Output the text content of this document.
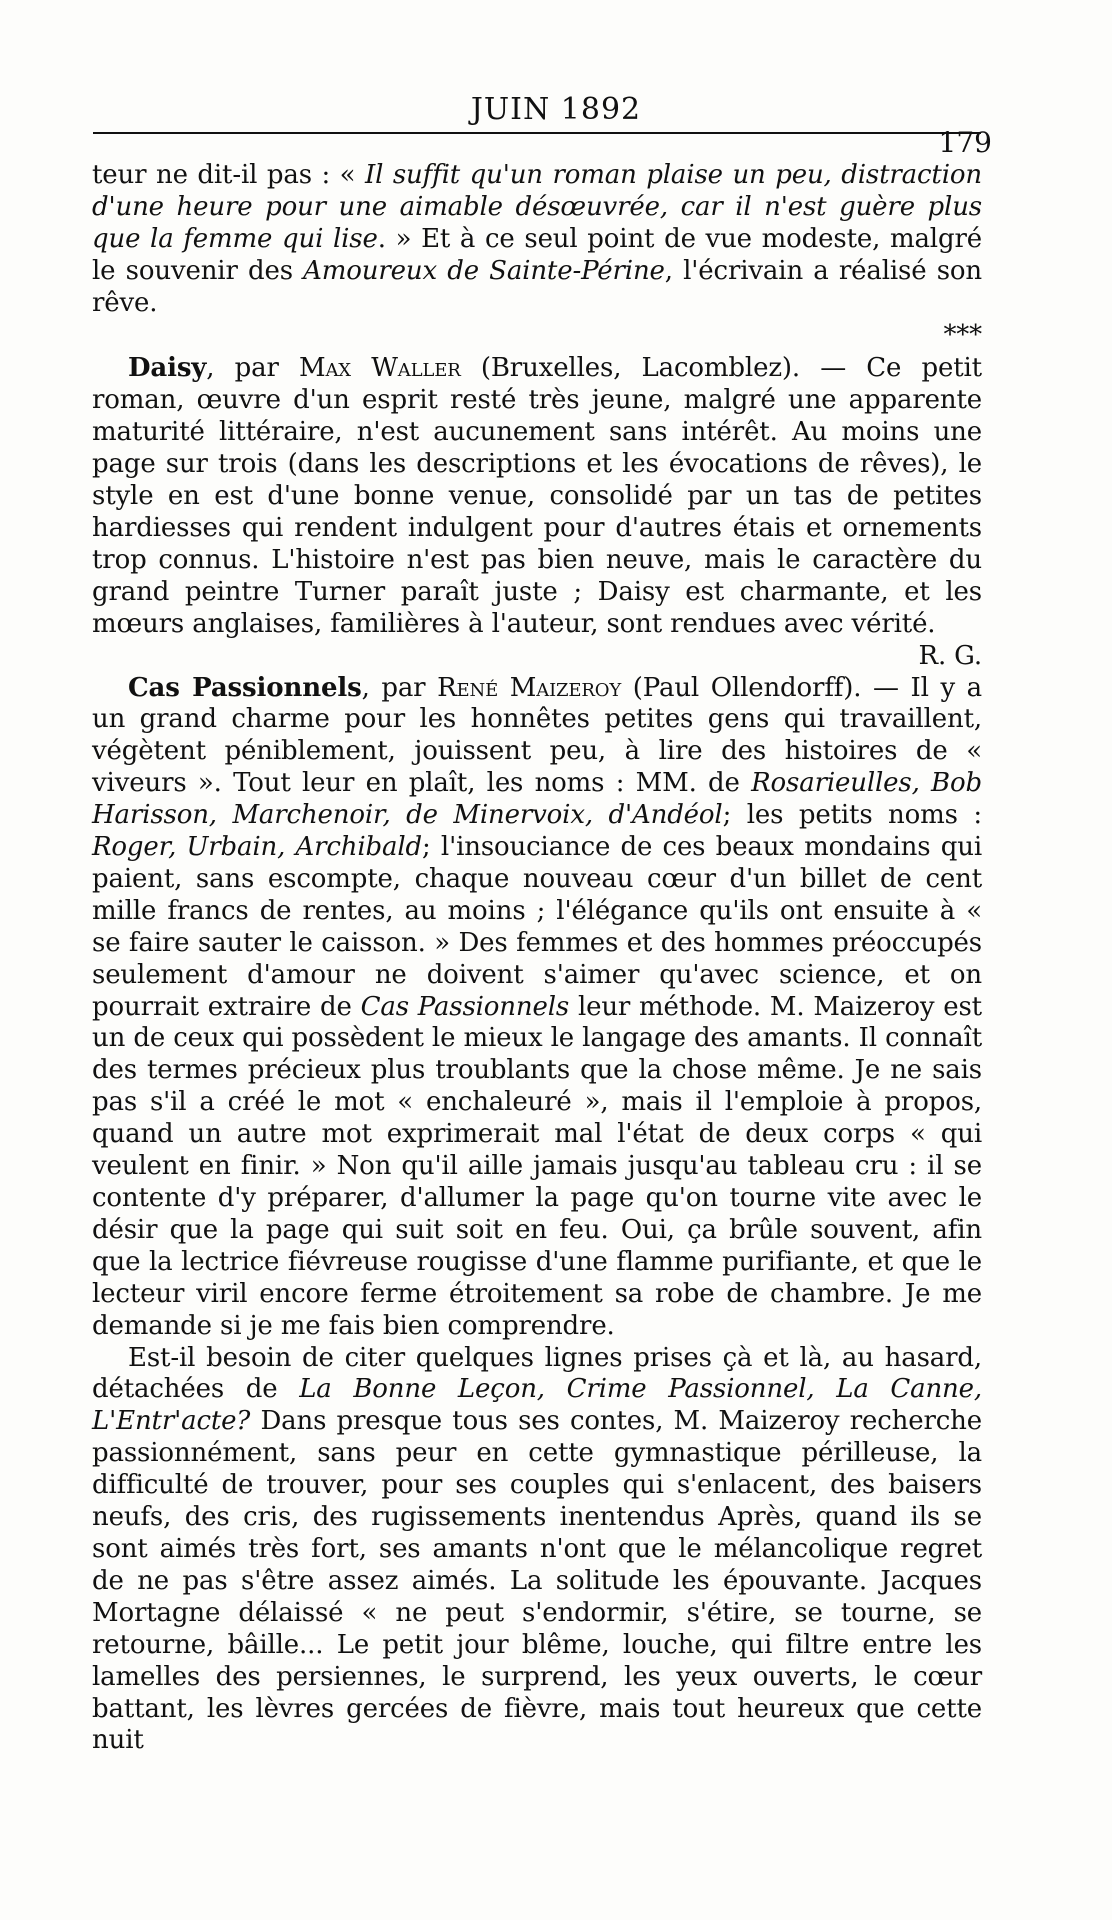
JUIN 1892
179

teur ne dit-il pas : « Il suffit qu'un roman plaise un peu, distraction d'une heure pour une aimable désœuvrée, car il n'est guère plus que la femme qui lise. » Et à ce seul point de vue modeste, malgré le souvenir des Amoureux de Sainte-Périne, l'écrivain a réalisé son rêve.

***

Daisy, par Max Waller (Bruxelles, Lacomblez). — Ce petit roman, œuvre d'un esprit resté très jeune, malgré une apparente maturité littéraire, n'est aucunement sans intérêt. Au moins une page sur trois (dans les descriptions et les évocations de rêves), le style en est d'une bonne venue, consolidé par un tas de petites hardiesses qui rendent indulgent pour d'autres étais et ornements trop connus. L'histoire n'est pas bien neuve, mais le caractère du grand peintre Turner paraît juste ; Daisy est charmante, et les mœurs anglaises, familières à l'auteur, sont rendues avec vérité.

R. G.

Cas Passionnels, par René Maizeroy (Paul Ollendorff). — Il y a un grand charme pour les honnêtes petites gens qui travaillent, végètent péniblement, jouissent peu, à lire des histoires de « viveurs ». Tout leur en plaît, les noms : MM. de Rosarieulles, Bob Harisson, Marchenoir, de Minervoix, d'Andéol; les petits noms : Roger, Urbain, Archibald; l'insouciance de ces beaux mondains qui paient, sans escompte, chaque nouveau cœur d'un billet de cent mille francs de rentes, au moins ; l'élégance qu'ils ont ensuite à « se faire sauter le caisson. » Des femmes et des hommes préoccupés seulement d'amour ne doivent s'aimer qu'avec science, et on pourrait extraire de Cas Passionnels leur méthode. M. Maizeroy est un de ceux qui possèdent le mieux le langage des amants. Il connaît des termes précieux plus troublants que la chose même. Je ne sais pas s'il a créé le mot « enchaleuré », mais il l'emploie à propos, quand un autre mot exprimerait mal l'état de deux corps « qui veulent en finir. » Non qu'il aille jamais jusqu'au tableau cru : il se contente d'y préparer, d'allumer la page qu'on tourne vite avec le désir que la page qui suit soit en feu. Oui, ça brûle souvent, afin que la lectrice fiévreuse rougisse d'une flamme purifiante, et que le lecteur viril encore ferme étroitement sa robe de chambre. Je me demande si je me fais bien comprendre.

Est-il besoin de citer quelques lignes prises çà et là, au hasard, détachées de La Bonne Leçon, Crime Passionnel, La Canne, L'Entr'acte? Dans presque tous ses contes, M. Maizeroy recherche passionnément, sans peur en cette gymnastique périlleuse, la difficulté de trouver, pour ses couples qui s'enlacent, des baisers neufs, des cris, des rugissements inentendus Après, quand ils se sont aimés très fort, ses amants n'ont que le mélancolique regret de ne pas s'être assez aimés. La solitude les épouvante. Jacques Mortagne délaissé « ne peut s'endormir, s'étire, se tourne, se retourne, bâille... Le petit jour blême, louche, qui filtre entre les lamelles des persiennes, le surprend, les yeux ouverts, le cœur battant, les lèvres gercées de fièvre, mais tout heureux que cette nuit
